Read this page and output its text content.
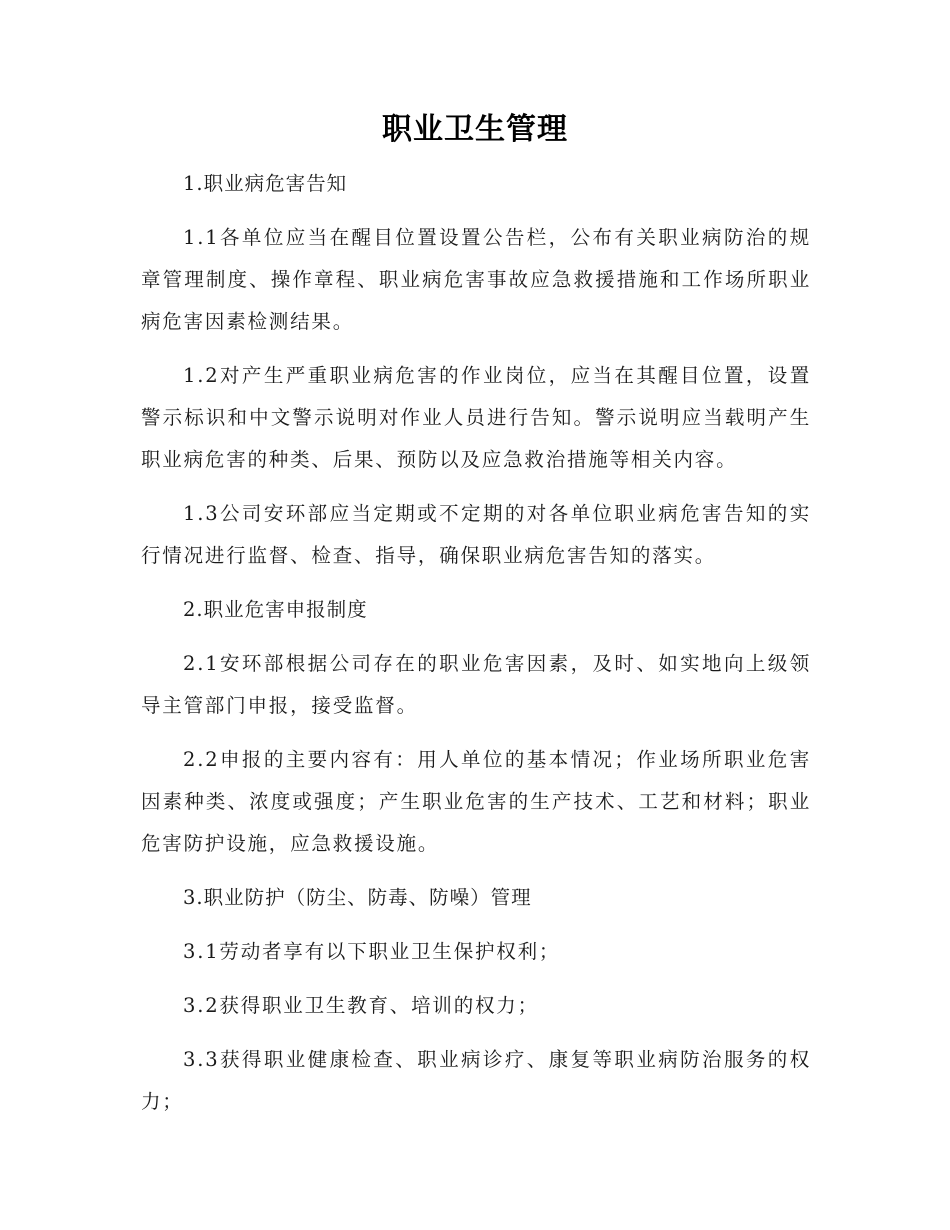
职业卫生管理

1.职业病危害告知

1.1各单位应当在醒目位置设置公告栏，公布有关职业病防治的规章管理制度、操作章程、职业病危害事故应急救援措施和工作场所职业病危害因素检测结果。

1.2对产生严重职业病危害的作业岗位，应当在其醒目位置，设置警示标识和中文警示说明对作业人员进行告知。警示说明应当载明产生职业病危害的种类、后果、预防以及应急救治措施等相关内容。

1.3公司安环部应当定期或不定期的对各单位职业病危害告知的实行情况进行监督、检查、指导，确保职业病危害告知的落实。

2.职业危害申报制度

2.1安环部根据公司存在的职业危害因素，及时、如实地向上级领导主管部门申报，接受监督。

2.2申报的主要内容有：用人单位的基本情况；作业场所职业危害因素种类、浓度或强度；产生职业危害的生产技术、工艺和材料；职业危害防护设施，应急救援设施。

3.职业防护（防尘、防毒、防噪）管理

3.1劳动者享有以下职业卫生保护权利；

3.2获得职业卫生教育、培训的权力；

3.3获得职业健康检查、职业病诊疗、康复等职业病防治服务的权力；
